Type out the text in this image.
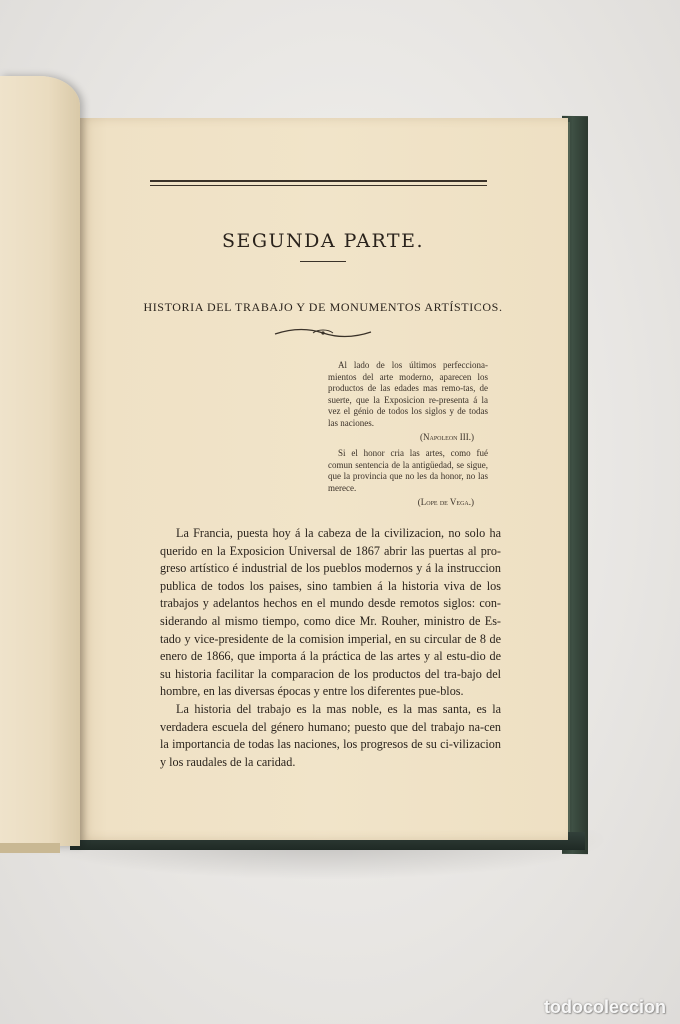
SEGUNDA PARTE.
HISTORIA DEL TRABAJO Y DE MONUMENTOS ARTÍSTICOS.

Al lado de los últimos perfecciona-mientos del arte moderno, aparecen los productos de las edades mas remo-tas, de suerte, que la Exposicion re-presenta á la vez el génio de todos los siglos y de todas las naciones.

(Napoleon III.)

Si el honor cria las artes, como fué comun sentencia de la antigüedad, se sigue, que la provincia que no les da honor, no las merece.

(Lope de Vega.)

La Francia, puesta hoy á la cabeza de la civilizacion, no solo ha querido en la Exposicion Universal de 1867 abrir las puertas al pro-greso artístico é industrial de los pueblos modernos y á la instruccion publica de todos los paises, sino tambien á la historia viva de los trabajos y adelantos hechos en el mundo desde remotos siglos: con-siderando al mismo tiempo, como dice Mr. Rouher, ministro de Es-tado y vice-presidente de la comision imperial, en su circular de 8 de enero de 1866, que importa á la práctica de las artes y al estu-dio de su historia facilitar la comparacion de los productos del tra-bajo del hombre, en las diversas épocas y entre los diferentes pue-blos.

La historia del trabajo es la mas noble, es la mas santa, es la verdadera escuela del género humano; puesto que del trabajo na-cen la importancia de todas las naciones, los progresos de su ci-vilizacion y los raudales de la caridad.

todocoleccion
